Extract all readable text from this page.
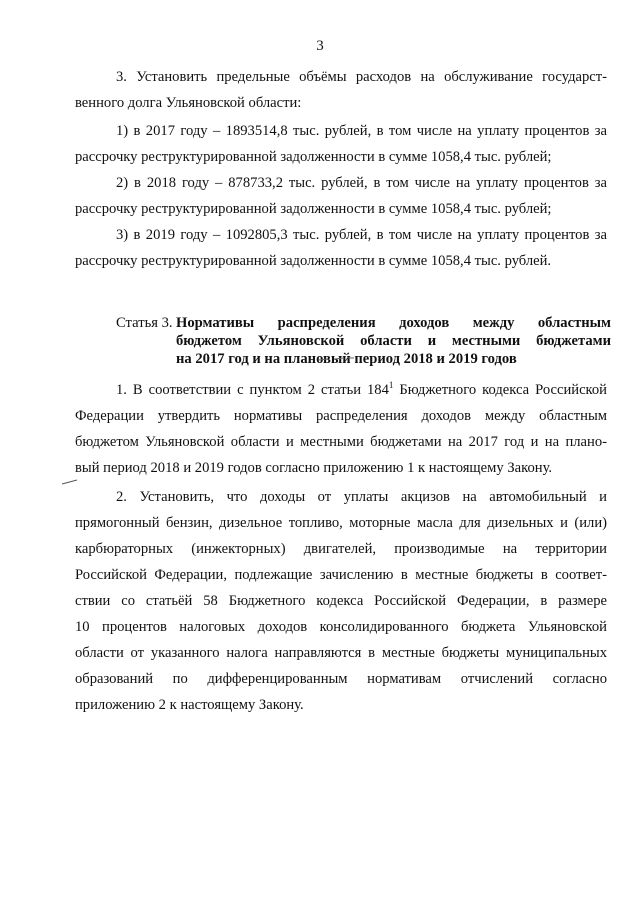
3
3. Установить предельные объёмы расходов на обслуживание государст-
венного долга Ульяновской области:
1) в 2017 году – 1893514,8 тыс. рублей, в том числе на уплату процентов за
рассрочку реструктурированной задолженности в сумме 1058,4 тыс. рублей;
2) в 2018 году – 878733,2 тыс. рублей, в том числе на уплату процентов за
рассрочку реструктурированной задолженности в сумме 1058,4 тыс. рублей;
3) в 2019 году – 1092805,3 тыс. рублей, в том числе на уплату процентов за
рассрочку реструктурированной задолженности в сумме 1058,4 тыс. рублей.
Статья 3. Нормативы распределения доходов между областным
бюджетом Ульяновской области и местными бюджетами
на 2017 год и на плановый период 2018 и 2019 годов
1. В соответствии с пунктом 2 статьи $184^1$ Бюджетного кодекса Российской
Федерации утвердить нормативы распределения доходов между областным
бюджетом Ульяновской области и местными бюджетами на 2017 год и на плано-
вый период 2018 и 2019 годов согласно приложению 1 к настоящему Закону.
2. Установить, что доходы от уплаты акцизов на автомобильный и
прямогонный бензин, дизельное топливо, моторные масла для дизельных и (или)
карбюраторных (инжекторных) двигателей, производимые на территории
Российской Федерации, подлежащие зачислению в местные бюджеты в соответ-
ствии со статьёй 58 Бюджетного кодекса Российской Федерации, в размере
10 процентов налоговых доходов консолидированного бюджета Ульяновской
области от указанного налога направляются в местные бюджеты муниципальных
образований по дифференцированным нормативам отчислений согласно
приложению 2 к настоящему Закону.
